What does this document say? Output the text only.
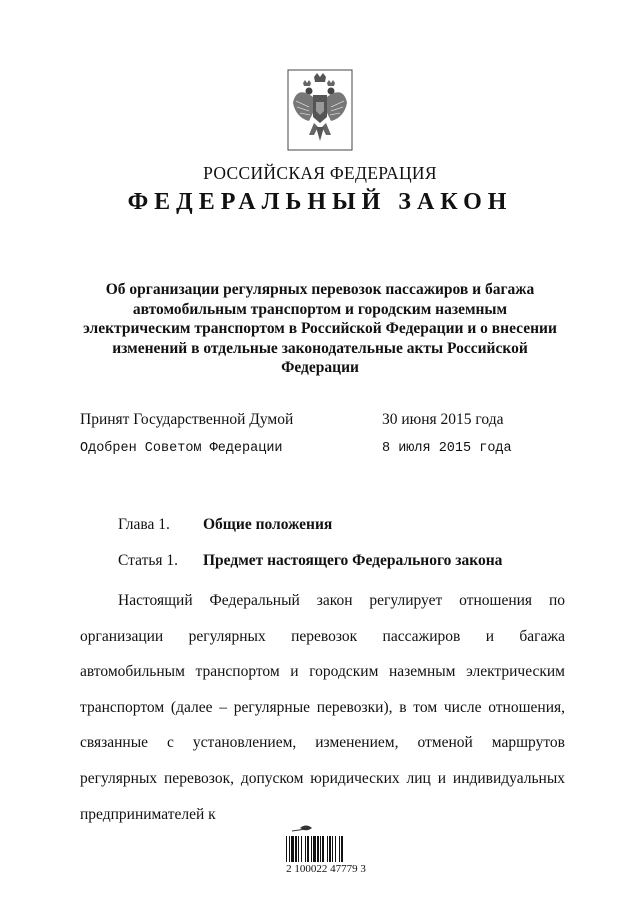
РОССИЙСКАЯ ФЕДЕРАЦИЯ
ФЕДЕРАЛЬНЫЙ ЗАКОН
Об организации регулярных перевозок пассажиров и багажа автомобильным транспортом и городским наземным электрическим транспортом в Российской Федерации и о внесении изменений в отдельные законодательные акты Российской Федерации
Принят Государственной Думой	30 июня 2015 года
Одобрен Советом Федерации	8 июля 2015 года
Глава 1. Общие положения
Статья 1. Предмет настоящего Федерального закона

Настоящий Федеральный закон регулирует отношения по организации регулярных перевозок пассажиров и багажа автомобильным транспортом и городским наземным электрическим транспортом (далее – регулярные перевозки), в том числе отношения, связанные с установлением, изменением, отменой маршрутов регулярных перевозок, допуском юридических лиц и индивидуальных предпринимателей к

2 100022 47779 3
